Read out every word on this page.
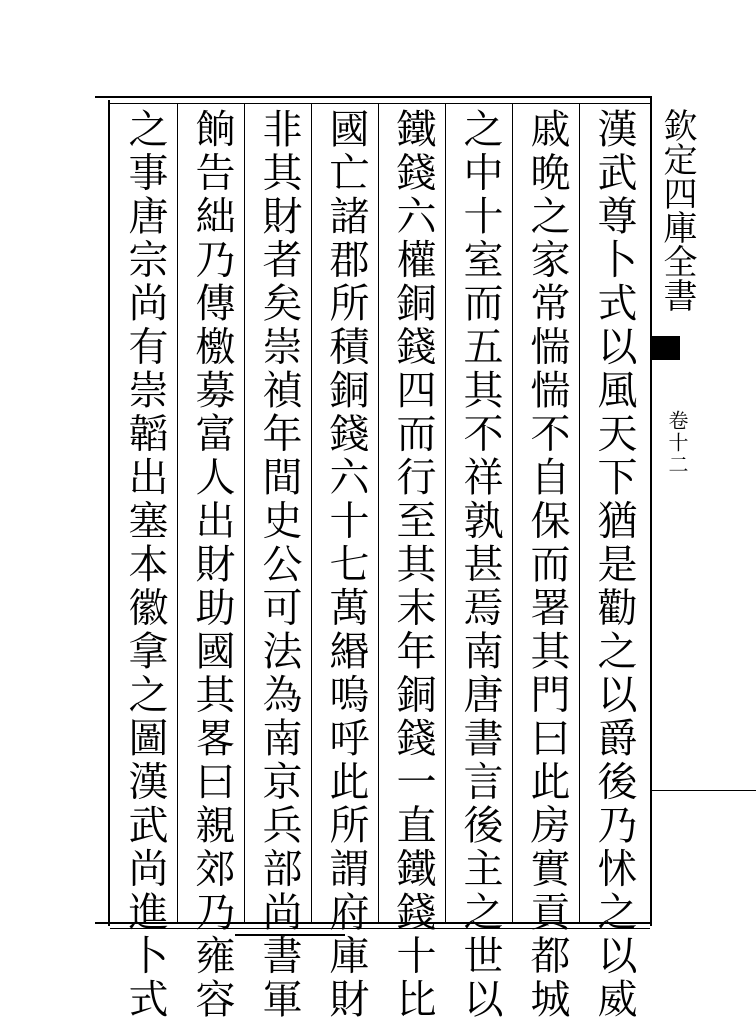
欽定四庫全書
卷十二
漢武尊卜式以風天下猶是勸之以爵後乃怵之以威
戚晩之家常惴惴不自保而署其門曰此房實貢都城
之中十室而五其不祥孰甚焉南唐書言後主之世以
鐵錢六權銅錢四而行至其末年銅錢一直鐵錢十比
國亡諸郡所積銅錢六十七萬緡嗚呼此所謂府庫財
非其財者矣崇禎年間史公可法為南京兵部尚書軍
餉告絀乃傳檄募富人出財助國其畧曰親郊乃雍容
之事唐宗尚有崇韜出塞本徽拿之圖漢武尚進卜式
